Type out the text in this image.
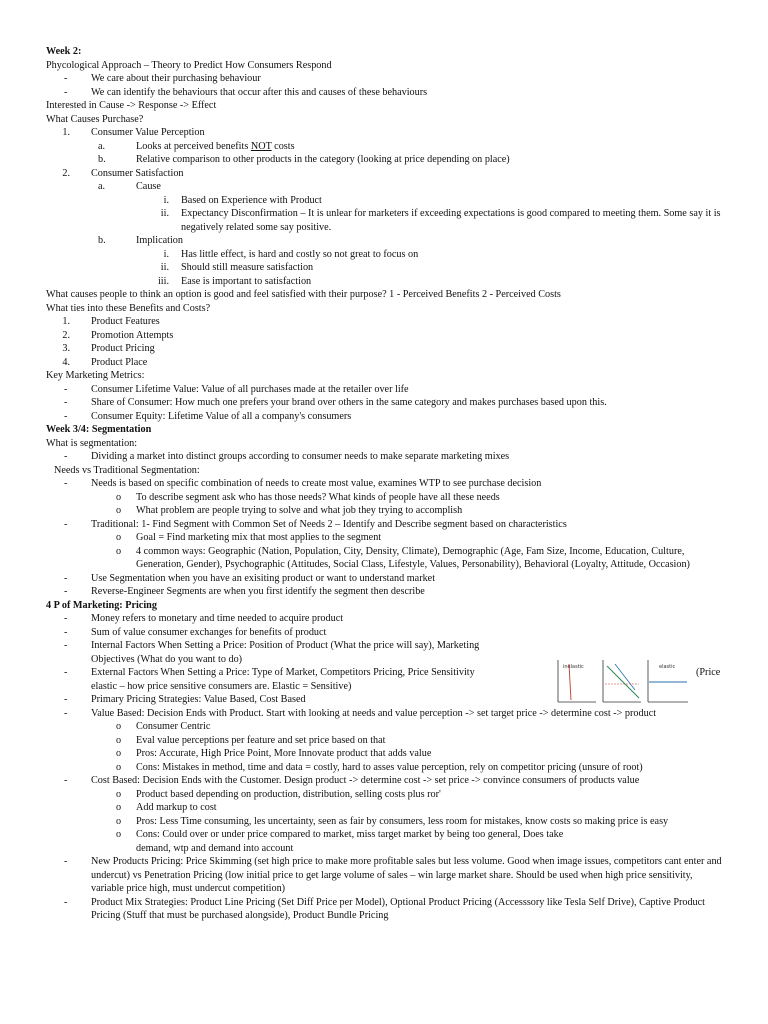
Week 2:
Phycological Approach – Theory to Predict How Consumers Respond
-	We care about their purchasing behaviour
-	We can identify the behaviours that occur after this and causes of these behaviours
Interested in Cause -> Response -> Effect
What Causes Purchase?
1. Consumer Value Perception
a.	Looks at perceived benefits NOT costs
b.	Relative comparison to other products in the category (looking at price depending on place)
2. Consumer Satisfaction
a.	Cause
i. Based on Experience with Product
ii. Expectancy Disconfirmation – It is unlear for marketers if exceeding expectations is good compared to meeting them. Some say it is negatively related some say positive.
b.	Implication
i. Has little effect, is hard and costly so not great to focus on
ii. Should still measure satisfaction
iii. Ease is important to satisfaction
What causes people to think an option is good and feel satisfied with their purpose? 1 - Perceived Benefits 2 - Perceived Costs
What ties into these Benefits and Costs?
1. Product Features
2. Promotion Attempts
3. Product Pricing
4. Product Place
Key Marketing Metrics:
-	Consumer Lifetime Value: Value of all purchases made at the retailer over life
-	Share of Consumer: How much one prefers your brand over others in the same category and makes purchases based upon this.
-	Consumer Equity: Lifetime Value of all a company's consumers
Week 3/4: Segmentation
What is segmentation:
-	Dividing a market into distinct groups according to consumer needs to make separate marketing mixes
Needs vs Traditional Segmentation:
-	Needs is based on specific combination of needs to create most value, examines WTP to see purchase decision
o	To describe segment ask who has those needs? What kinds of people have all these needs
o	What problem are people trying to solve and what job they trying to accomplish
-	Traditional: 1- Find Segment with Common Set of Needs 2 – Identify and Describe segment based on characteristics
o	Goal = Find marketing mix that most applies to the segment
o	4 common ways: Geographic (Nation, Population, City, Density, Climate), Demographic (Age, Fam Size, Income, Education, Culture, Generation, Gender), Psychographic (Attitudes, Social Class, Lifestyle, Values, Personability), Behavioral (Loyalty, Attitude, Occasion)
-	Use Segmentation when you have an exisiting product or want to understand market
-	Reverse-Engineer Segments are when you first identify the segment then describe
4 P of Marketing: Pricing
-	Money refers to monetary and time needed to acquire product
-	Sum of value consumer exchanges for benefits of product
-	Internal Factors When Setting a Price: Position of Product (What the price will say), Marketing Objectives (What do you want to do)
-	External Factors When Setting a Price: Type of Market, Competitors Pricing, Price Sensitivity	(Price
elastic – how price sensitive consumers are. Elastic = Sensitive)
-	Primary Pricing Strategies: Value Based, Cost Based
-	Value Based: Decision Ends with Product. Start with looking at needs and value perception -> set target price -> determine cost -> product
o	Consumer Centric
o	Eval value perceptions per feature and set price based on that
o	Pros: Accurate, High Price Point, More Innovate product that adds value
o	Cons: Mistakes in method, time and data = costly, hard to asses value perception, rely on competitor pricing (unsure of root)
-	Cost Based: Decision Ends with the Customer. Design product -> determine cost -> set price -> convince consumers of products value
o	Product based depending on production, distribution, selling costs plus ror'
o	Add markup to cost
o	Pros: Less Time consuming, les uncertainty, seen as fair by consumers, less room for mistakes, know costs so making price is easy
o	Cons: Could over or under price compared to market, miss target market by being too general, Does take demand, wtp and demand into account
-	New Products Pricing: Price Skimming (set high price to make more profitable sales but less volume. Good when image issues, competitors cant enter and undercut) vs Penetration Pricing (low initial price to get large volume of sales – win large market share. Should be used when high price sensitivity, variable price high, must undercut competition)
-	Product Mix Strategies: Product Line Pricing (Set Diff Price per Model), Optional Product Pricing (Accesssory like Tesla Self Drive), Captive Product Pricing (Stuff that must be purchased alongside), Product Bundle Pricing
inelastic	elastic
